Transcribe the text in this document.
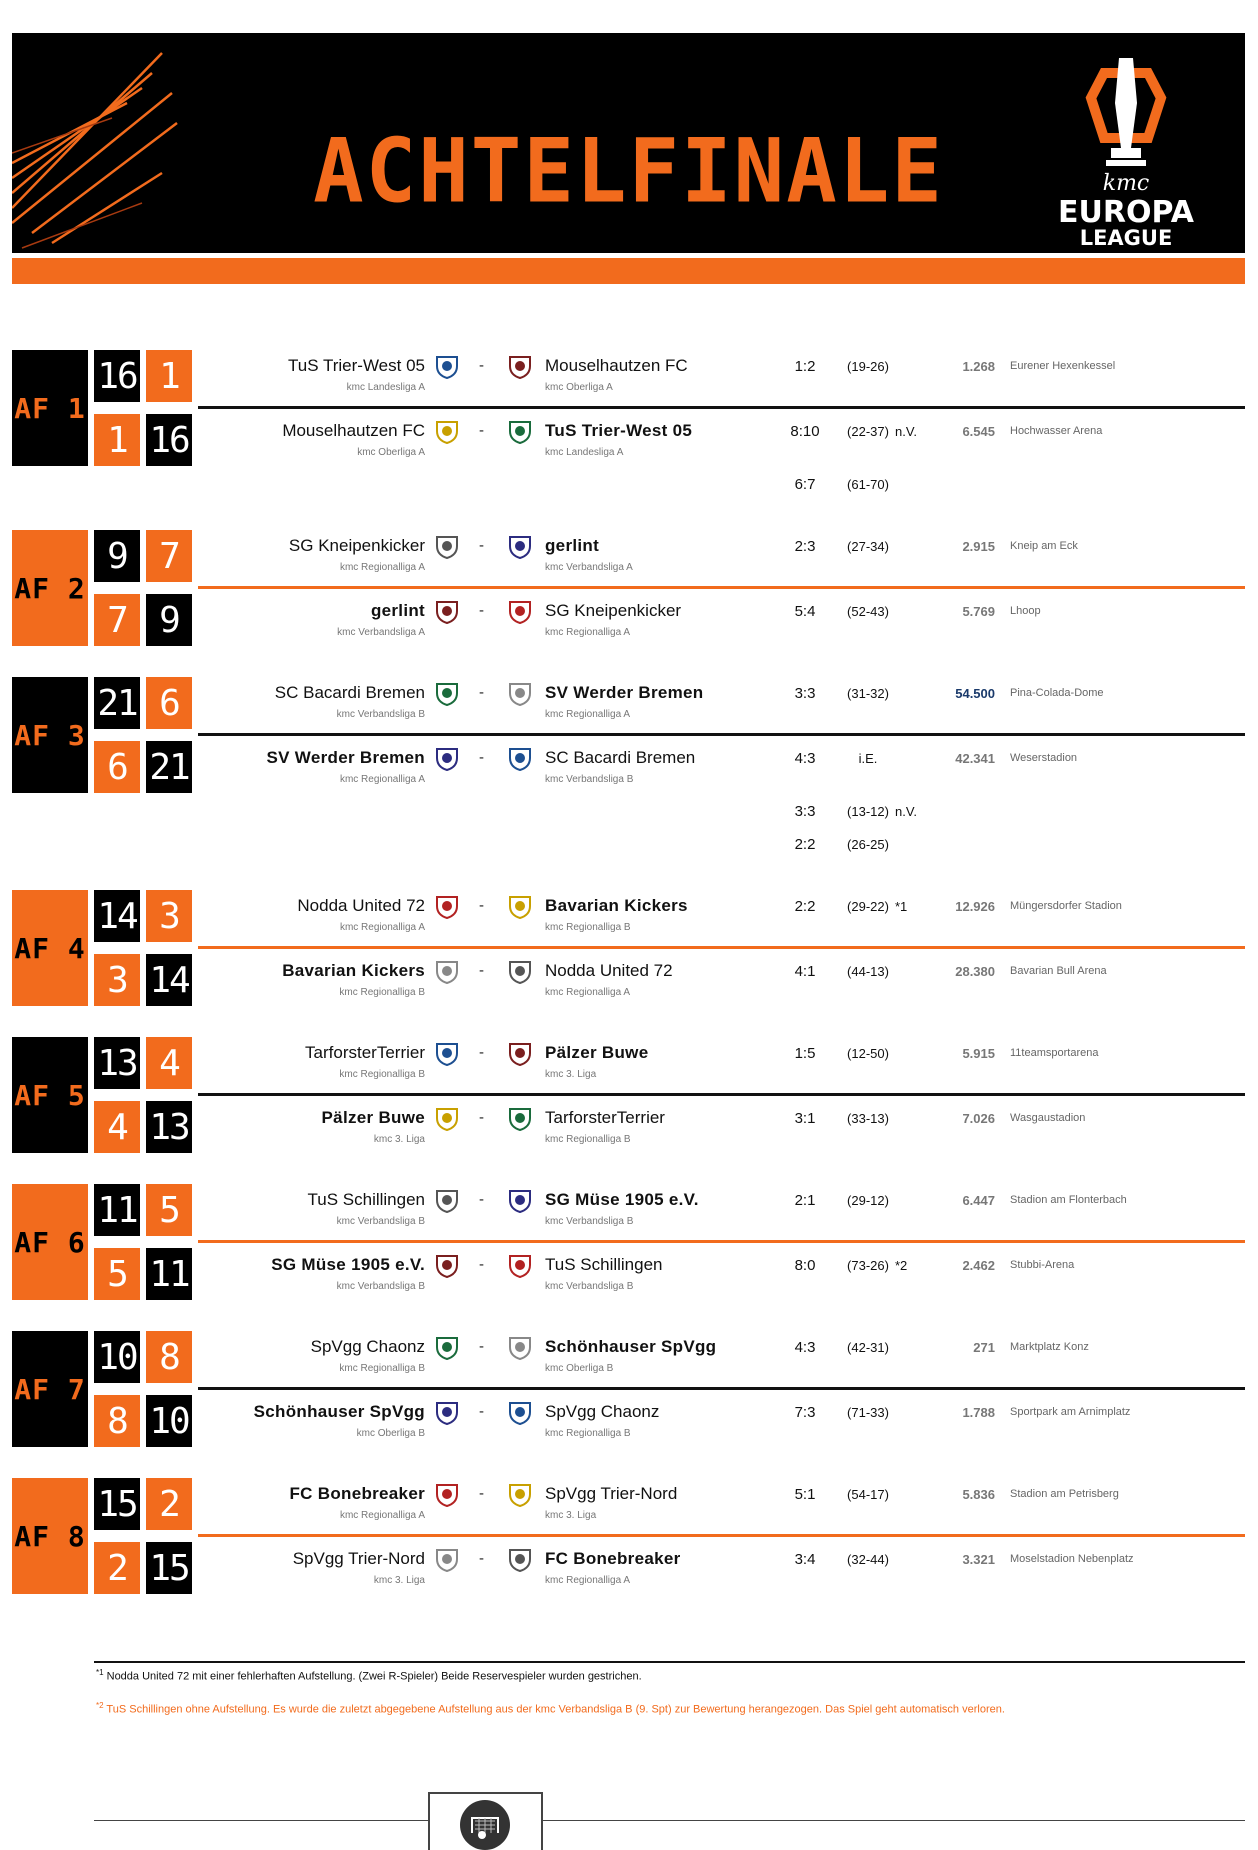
ACHTELFINALE	kmc
EUROPA
LEAGUE
AF 1
16 1
1 16
TuS Trier-West 05
kmc Landesliga A
-	Mouselhautzen FC
kmc Oberliga A
1:2	(19-26)	1.268 Eurener Hexenkessel
Mouselhautzen FC
kmc Oberliga A
-	TuS Trier-West 05
kmc Landesliga A
8:10	(22-37) n.V.	6.545 Hochwasser Arena
6:7	(61-70)
AF 2
9 7
7 9
SG Kneipenkicker
kmc Regionalliga A
-	gerlint
kmc Verbandsliga A
2:3	(27-34)	2.915 Kneip am Eck
gerlint
kmc Verbandsliga A
-	SG Kneipenkicker
kmc Regionalliga A
5:4	(52-43)	5.769 Lhoop
AF 3
21 6
6 21
SC Bacardi Bremen
kmc Verbandsliga B
-	SV Werder Bremen
kmc Regionalliga A
3:3	(31-32)	54.500 Pina-Colada-Dome
SV Werder Bremen
kmc Regionalliga A
-	SC Bacardi Bremen
kmc Verbandsliga B
4:3	i.E.	42.341 Weserstadion
3:3	(13-12) n.V.
2:2	(26-25)
AF 4
14 3
3 14
Nodda United 72
kmc Regionalliga A
-	Bavarian Kickers
kmc Regionalliga B
2:2	(29-22) *1	12.926 Müngersdorfer Stadion
Bavarian Kickers
kmc Regionalliga B
-	Nodda United 72
kmc Regionalliga A
4:1	(44-13)	28.380 Bavarian Bull Arena
AF 5
13 4
4 13
TarforsterTerrier
kmc Regionalliga B
-	Pälzer Buwe
kmc 3. Liga
1:5	(12-50)	5.915 11teamsportarena
Pälzer Buwe
kmc 3. Liga
-	TarforsterTerrier
kmc Regionalliga B
3:1	(33-13)	7.026 Wasgaustadion
AF 6
11 5
5 11
TuS Schillingen
kmc Verbandsliga B
-	SG Müse 1905 e.V.
kmc Verbandsliga B
2:1	(29-12)	6.447 Stadion am Flonterbach
SG Müse 1905 e.V.
kmc Verbandsliga B
-	TuS Schillingen
kmc Verbandsliga B
8:0	(73-26) *2	2.462 Stubbi-Arena
AF 7
10 8
8 10
SpVgg Chaonz
kmc Regionalliga B
-	Schönhauser SpVgg
kmc Oberliga B
4:3	(42-31)	271 Marktplatz Konz
Schönhauser SpVgg
kmc Oberliga B
-	SpVgg Chaonz
kmc Regionalliga B
7:3	(71-33)	1.788 Sportpark am Arnimplatz
AF 8
15 2
2 15
FC Bonebreaker
kmc Regionalliga A
-	SpVgg Trier-Nord
kmc 3. Liga
5:1	(54-17)	5.836 Stadion am Petrisberg
SpVgg Trier-Nord
kmc 3. Liga
-	FC Bonebreaker
kmc Regionalliga A
3:4	(32-44)	3.321 Moselstadion Nebenplatz
$^{*1}$ Nodda United 72 mit einer fehlerhaften Aufstellung. (Zwei R-Spieler) Beide Reservespieler wurden gestrichen.
$^{*2}$ TuS Schillingen ohne Aufstellung. Es wurde die zuletzt abgegebene Aufstellung aus der kmc Verbandsliga B (9. Spt) zur Bewertung herangezogen. Das Spiel geht automatisch verloren.
